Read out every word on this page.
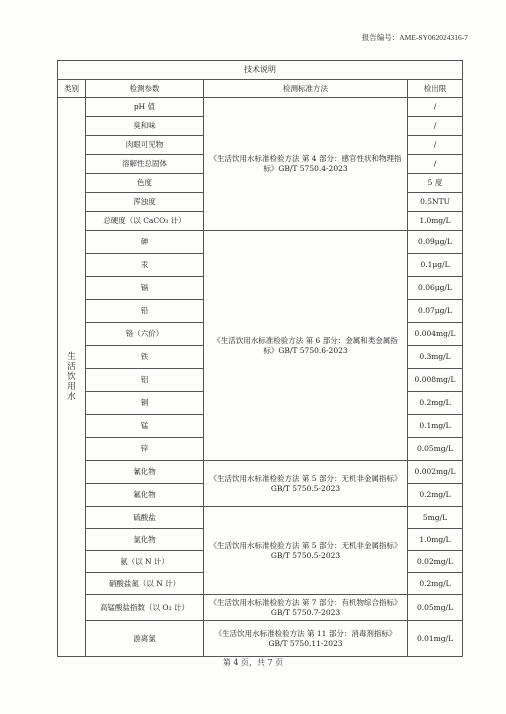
报告编号：AME-SY062024316-7
技术说明			
类别	检测参数	检测标准方法	检出限

生
活
饮
用
水	pH 值	《生活饮用水标准检验方法 第 4 部分：感官性状和物理指标》GB/T 5750.4-2023	/
	臭和味		/
	肉眼可见物		/
	溶解性总固体		/
	色度		5 度
	浑浊度		0.5NTU
	总硬度（以 CaCO₃ 计）		1.0mg/L
	砷	《生活饮用水标准检验方法 第 6 部分：金属和类金属指标》GB/T 5750.6-2023	0.09μg/L
	汞		0.1μg/L
	镉		0.06μg/L
	铅		0.07μg/L
	铬（六价）		0.004mg/L
	铁		0.3mg/L
	铝		0.008mg/L
	铜		0.2mg/L
	锰		0.1mg/L
	锌		0.05mg/L
	氰化物	《生活饮用水标准检验方法 第 5 部分：无机非金属指标》GB/T 5750.5-2023	0.002mg/L
	氟化物		0.2mg/L
	硫酸盐	《生活饮用水标准检验方法 第 5 部分：无机非金属指标》GB/T 5750.5-2023	5mg/L
	氯化物		1.0mg/L
	氨（以 N 计）		0.02mg/L
	硝酸盐氮（以 N 计）		0.2mg/L
	高锰酸盐指数（以 O₂ 计）	《生活饮用水标准检验方法 第 7 部分：有机物综合指标》GB/T 5750.7-2023	0.05mg/L
	游离氯	《生活饮用水标准检验方法 第 11 部分：消毒剂指标》GB/T 5750.11-2023	0.01mg/L
第 4 页，共 7 页
